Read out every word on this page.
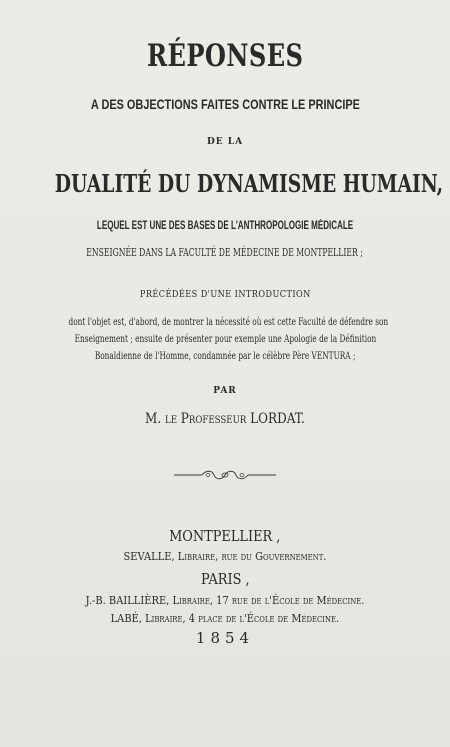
RÉPONSES

A DES OBJECTIONS FAITES CONTRE LE PRINCIPE

DE LA

DUALITÉ DU DYNAMISME HUMAIN,

LEQUEL EST UNE DES BASES DE L'ANTHROPOLOGIE MÉDICALE

ENSEIGNÉE DANS LA FACULTÉ DE MÉDECINE DE MONTPELLIER ;

PRÉCÉDÉES D'UNE INTRODUCTION

dont l'objet est, d'abord, de montrer la nécessité où est cette Faculté de défendre son

Enseignement ; ensuite de présenter pour exemple une Apologie de la Définition

Bonaldienne de l'Homme, condamnée par le célèbre Père VENTURA ;

PAR

M. le Professeur LORDAT.

MONTPELLIER ,

SEVALLE, Libraire, rue du Gouvernement.

PARIS ,

J.-B. BAILLIÈRE, Libraire, 17 rue de l'École de Médecine.

LABÉ, Libraire, 4 place de l'École de Médecine.

1854
